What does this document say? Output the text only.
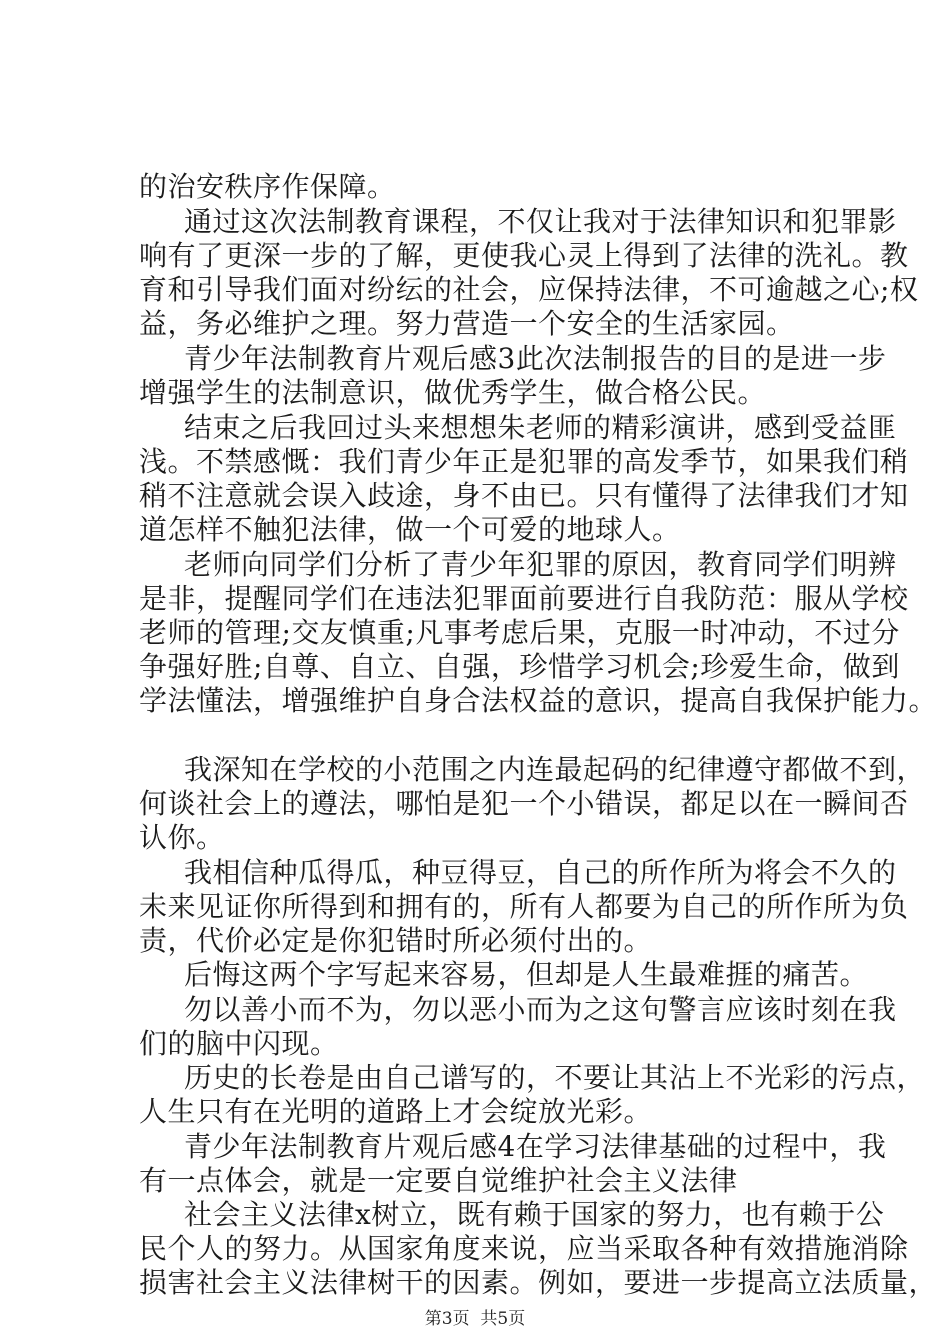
的治安秩序作保障。
通过这次法制教育课程，不仅让我对于法律知识和犯罪影
响有了更深一步的了解，更使我心灵上得到了法律的洗礼。教
育和引导我们面对纷纭的社会，应保持法律，不可逾越之心;权
益，务必维护之理。努力营造一个安全的生活家园。
青少年法制教育片观后感3此次法制报告的目的是进一步
增强学生的法制意识，做优秀学生，做合格公民。
结束之后我回过头来想想朱老师的精彩演讲，感到受益匪
浅。不禁感慨：我们青少年正是犯罪的高发季节，如果我们稍
稍不注意就会误入歧途，身不由已。只有懂得了法律我们才知
道怎样不触犯法律，做一个可爱的地球人。
老师向同学们分析了青少年犯罪的原因，教育同学们明辨
是非，提醒同学们在违法犯罪面前要进行自我防范：服从学校
老师的管理;交友慎重;凡事考虑后果，克服一时冲动，不过分
争强好胜;自尊、自立、自强，珍惜学习机会;珍爱生命，做到
学法懂法，增强维护自身合法权益的意识，提高自我保护能力。
我深知在学校的小范围之内连最起码的纪律遵守都做不到，
何谈社会上的遵法，哪怕是犯一个小错误，都足以在一瞬间否
认你。
我相信种瓜得瓜，种豆得豆，自己的所作所为将会不久的
未来见证你所得到和拥有的，所有人都要为自己的所作所为负
责，代价必定是你犯错时所必须付出的。
后悔这两个字写起来容易，但却是人生最难捱的痛苦。
勿以善小而不为，勿以恶小而为之这句警言应该时刻在我
们的脑中闪现。
历史的长卷是由自己谱写的，不要让其沾上不光彩的污点，
人生只有在光明的道路上才会绽放光彩。
青少年法制教育片观后感4在学习法律基础的过程中，我
有一点体会，就是一定要自觉维护社会主义法律
社会主义法律x树立，既有赖于国家的努力，也有赖于公
民个人的努力。从国家角度来说，应当采取各种有效措施消除
损害社会主义法律树干的因素。例如，要进一步提高立法质量，
第3页  共5页
